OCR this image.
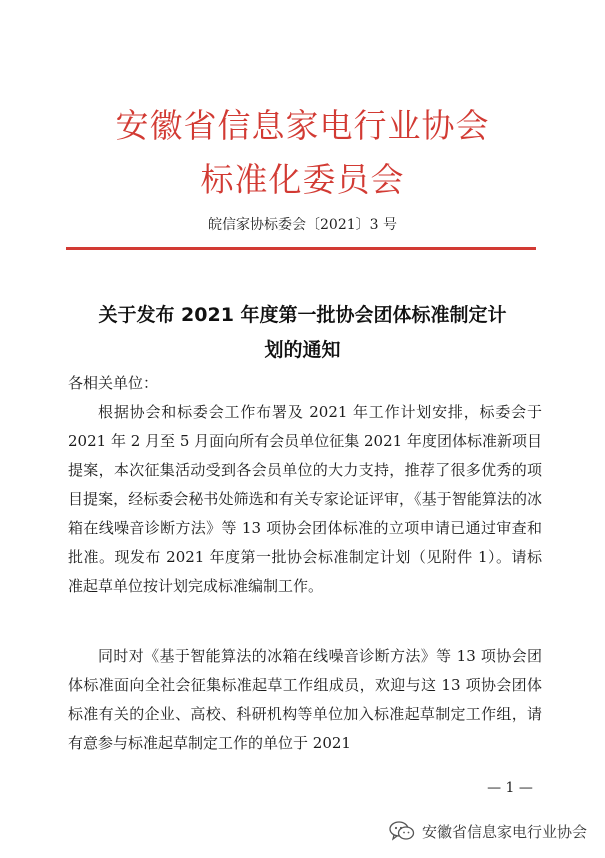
安徽省信息家电行业协会
标准化委员会
皖信家协标委会〔2021〕3 号
关于发布 2021 年度第一批协会团体标准制定计
划的通知
各相关单位：
根据协会和标委会工作布署及 2021 年工作计划安排，标委会于 2021 年 2 月至 5 月面向所有会员单位征集 2021 年度团体标准新项目提案，本次征集活动受到各会员单位的大力支持，推荐了很多优秀的项目提案，经标委会秘书处筛选和有关专家论证评审，《基于智能算法的冰箱在线噪音诊断方法》等 13 项协会团体标准的立项申请已通过审查和批准。现发布 2021 年度第一批协会标准制定计划（见附件 1）。请标准起草单位按计划完成标准编制工作。
同时对《基于智能算法的冰箱在线噪音诊断方法》等 13 项协会团体标准面向全社会征集标准起草工作组成员，欢迎与这 13 项协会团体标准有关的企业、高校、科研机构等单位加入标准起草制定工作组，请有意参与标准起草制定工作的单位于 2021
— 1 —
安徽省信息家电行业协会
